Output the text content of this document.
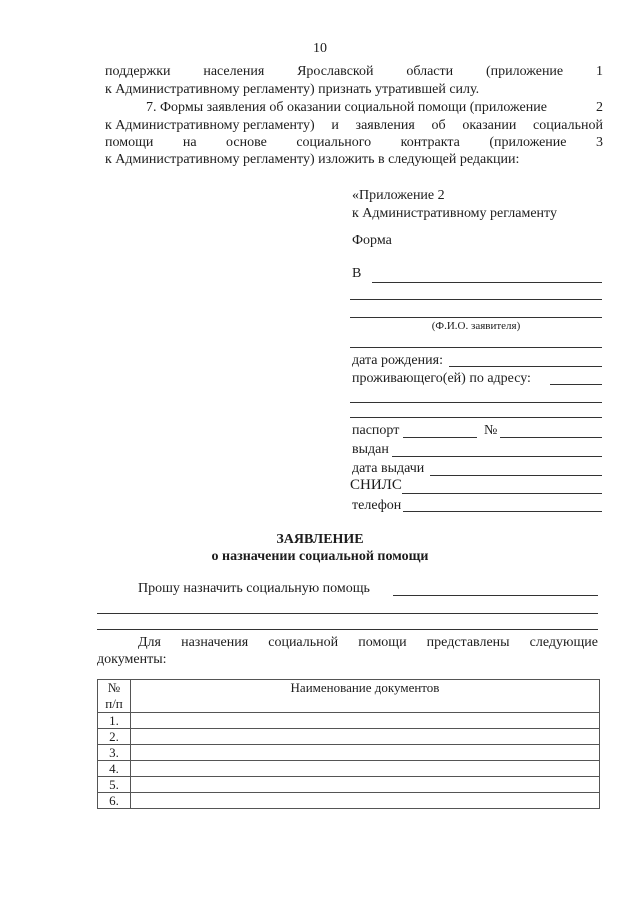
10
поддержки населения Ярославской области (приложение 1
к Административному регламенту) признать утратившей силу.
7. Формы заявления об оказании социальной помощи (приложение	2
к Административному регламенту) и заявления об оказании социальной
помощи на основе социального контракта (приложение 3
к Административному регламенту) изложить в следующей редакции:
«Приложение 2
к Административному регламенту
Форма
В
(Ф.И.О. заявителя)
дата рождения:
проживающего(ей) по адресу:
паспорт	№
выдан
дата выдачи
СНИЛС
телефон
ЗАЯВЛЕНИЕ
о назначении социальной помощи
Прошу назначить социальную помощь
Для назначения социальной помощи представлены следующие
документы:
№ п/п	Наименование документов
1.	
2.	
3.	
4.	
5.	
6.	
